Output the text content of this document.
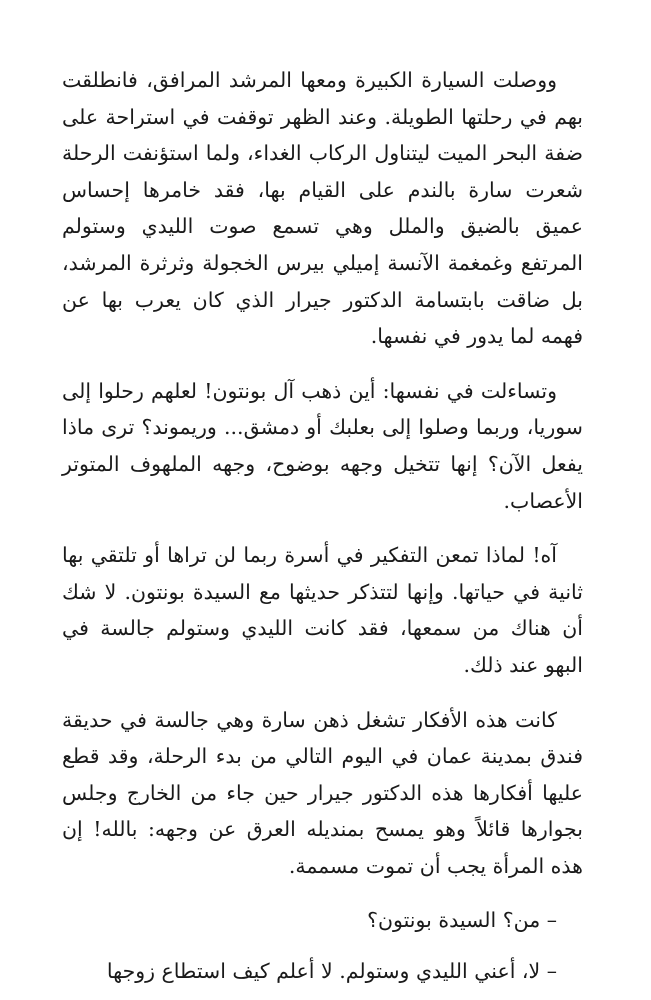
ووصلت السيارة الكبيرة ومعها المرشد المرافق، فانطلقت بهم في رحلتها الطويلة. وعند الظهر توقفت في استراحة على ضفة البحر الميت ليتناول الركاب الغداء، ولما استؤنفت الرحلة شعرت سارة بالندم على القيام بها، فقد خامرها إحساس عميق بالضيق والملل وهي تسمع صوت الليدي وستولم المرتفع وغمغمة الآنسة إميلي بيرس الخجولة وثرثرة المرشد، بل ضاقت بابتسامة الدكتور جيرار الذي كان يعرب بها عن فهمه لما يدور في نفسها.

وتساءلت في نفسها: أين ذهب آل بونتون! لعلهم رحلوا إلى سوريا، وربما وصلوا إلى بعلبك أو دمشق... وريموند؟ ترى ماذا يفعل الآن؟ إنها تتخيل وجهه بوضوح، وجهه الملهوف المتوتر الأعصاب.

آه! لماذا تمعن التفكير في أسرة ربما لن تراها أو تلتقي بها ثانية في حياتها. وإنها لتتذكر حديثها مع السيدة بونتون. لا شك أن هناك من سمعها، فقد كانت الليدي وستولم جالسة في البهو عند ذلك.

كانت هذه الأفكار تشغل ذهن سارة وهي جالسة في حديقة فندق بمدينة عمان في اليوم التالي من بدء الرحلة، وقد قطع عليها أفكارها هذه الدكتور جيرار حين جاء من الخارج وجلس بجوارها قائلاً وهو يمسح بمنديله العرق عن وجهه: بالله! إن هذه المرأة يجب أن تموت مسممة.

– من؟ السيدة بونتون؟

– لا، أعني الليدي وستولم. لا أعلم كيف استطاع زوجها
